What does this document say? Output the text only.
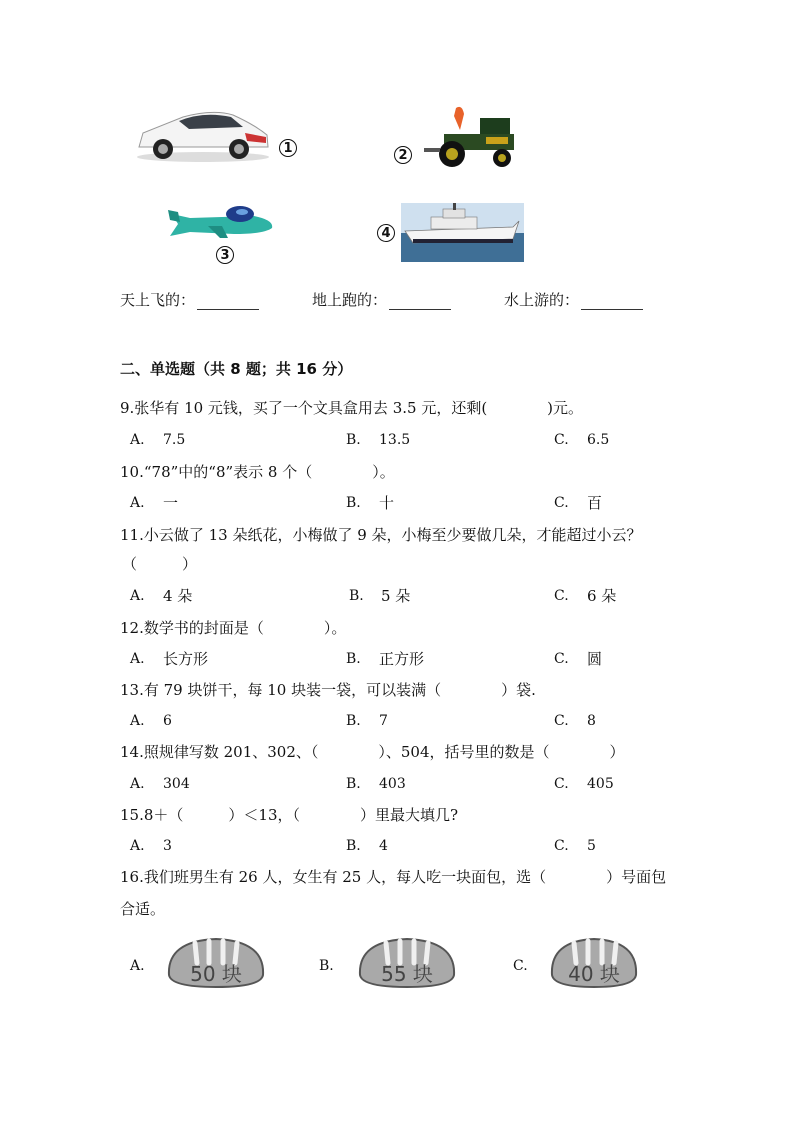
1	2
3
4
天上飞的：	地上跑的：	水上游的：
二、单选题（共 8 题；共 16 分）
9.张华有 10 元钱，买了一个文具盒用去 3.5 元，还剩(　　　　)元。
A. 7.5	B. 13.5	C. 6.5
10.“78”中的“8”表示 8 个（　　　　）。
A. 一	B. 十	C. 百
11.小云做了 13 朵纸花，小梅做了 9 朵，小梅至少要做几朵，才能超过小云？
（　　　）
A. 4 朵	B. 5 朵	C. 6 朵
12.数学书的封面是（　　　　）。
A. 长方形	B. 正方形	C. 圆
13.有 79 块饼干，每 10 块装一袋，可以装满（　　　　）袋.
A. 6	B. 7	C. 8
14.照规律写数 201、302、（　　　　）、504，括号里的数是（　　　　）
A. 304	B. 403	C. 405
15.8＋（　　　）＜13，（　　　　）里最大填几?
A. 3	B. 4	C. 5
16.我们班男生有 26 人，女生有 25 人，每人吃一块面包，选（　　　　）号面包
合适。
A. 50 块	B. 55 块	C. 40 块
